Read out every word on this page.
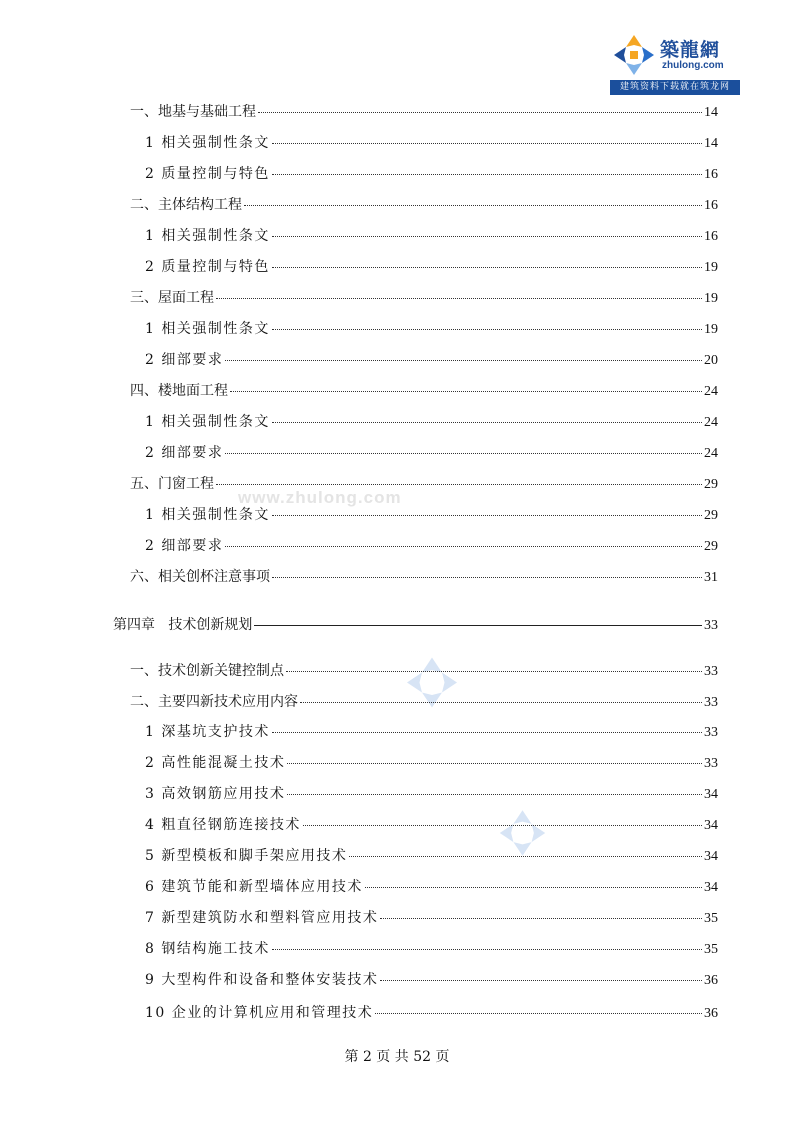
築龍網
zhulong.com
建筑资料下载就在筑龙网
www.zhulong.com
一、地基与基础工程	14
1 相关强制性条文	14
2 质量控制与特色	16
二、主体结构工程	16
1 相关强制性条文	16
2 质量控制与特色	19
三、屋面工程	19
1 相关强制性条文	19
2 细部要求	20
四、楼地面工程	24
1 相关强制性条文	24
2 细部要求	24
五、门窗工程	29
1 相关强制性条文	29
2 细部要求	29
六、相关创杯注意事项	31
第四章   技术创新规划	33
一、技术创新关键控制点	33
二、主要四新技术应用内容	33
1 深基坑支护技术	33
2 高性能混凝土技术	33
3 高效钢筋应用技术	34
4 粗直径钢筋连接技术	34
5 新型模板和脚手架应用技术	34
6 建筑节能和新型墙体应用技术	34
7 新型建筑防水和塑料管应用技术	35
8 钢结构施工技术	35
9 大型构件和设备和整体安装技术	36
10 企业的计算机应用和管理技术	36
第 2 页 共 52 页
